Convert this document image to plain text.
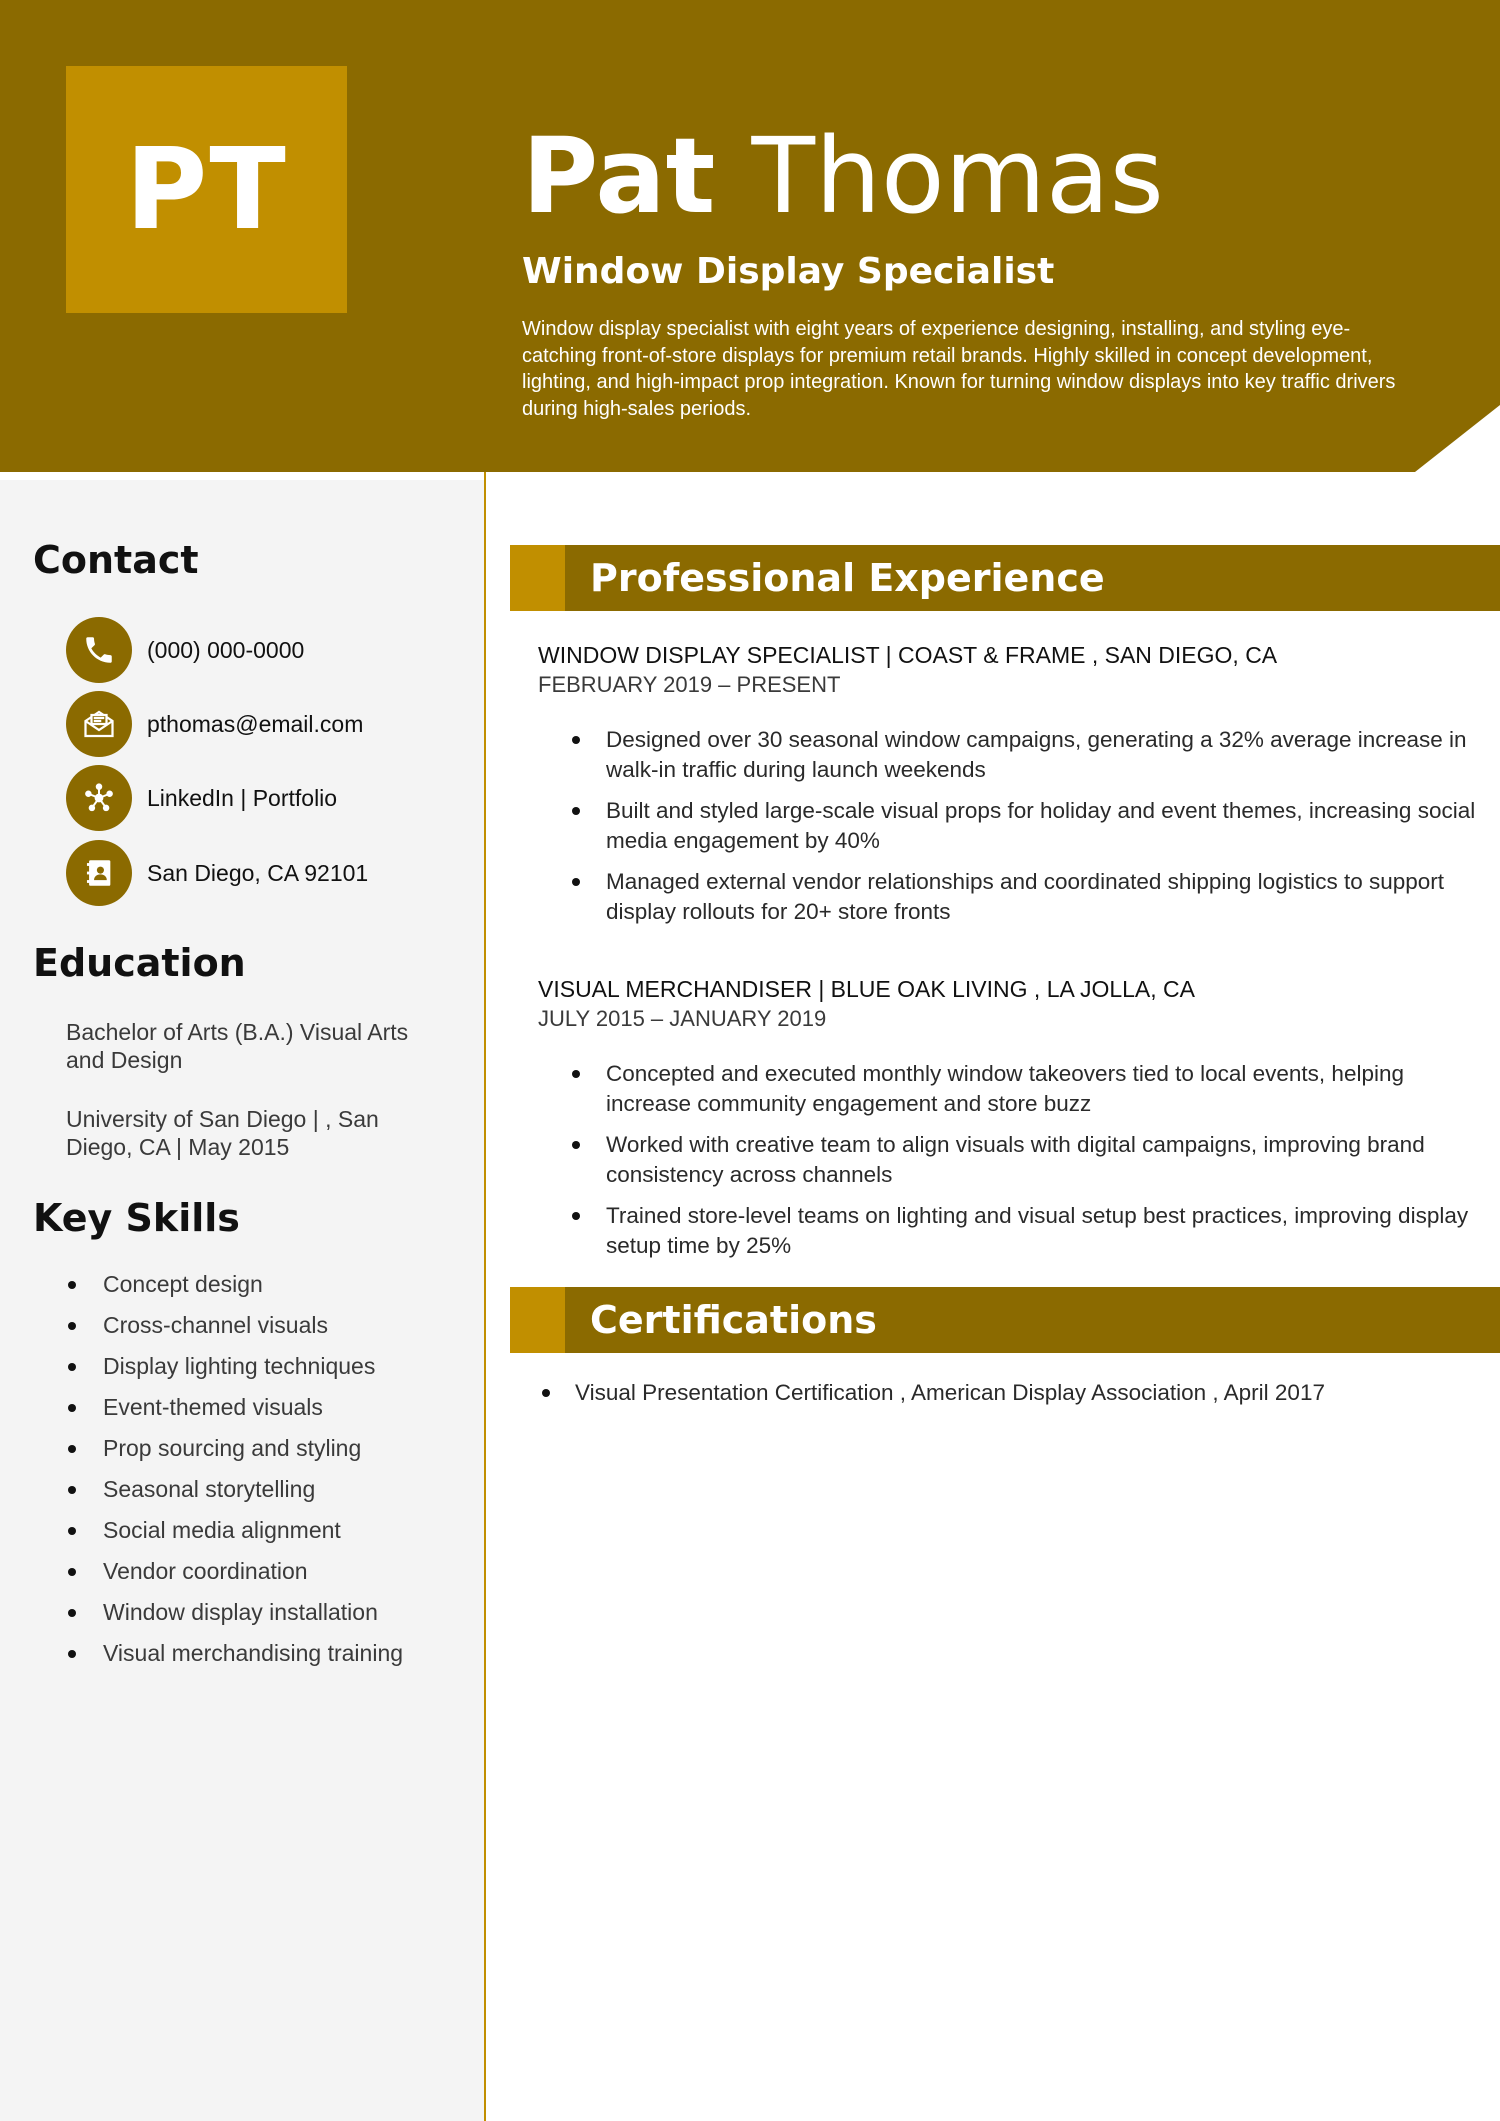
PT Pat Thomas
Window Display Specialist

Window display specialist with eight years of experience designing, installing, and styling eye-catching front-of-store displays for premium retail brands. Highly skilled in concept development, lighting, and high-impact prop integration. Known for turning window displays into key traffic drivers during high-sales periods.

Contact
(000) 000-0000
pthomas@email.com
LinkedIn | Portfolio
San Diego, CA 92101
Education

Bachelor of Arts (B.A.) Visual Arts and Design

University of San Diego | , San Diego, CA | May 2015

Key Skills
Concept design
Cross-channel visuals
Display lighting techniques
Event-themed visuals
Prop sourcing and styling
Seasonal storytelling
Social media alignment
Vendor coordination
Window display installation
Visual merchandising training
Professional Experience

WINDOW DISPLAY SPECIALIST | COAST & FRAME , SAN DIEGO, CA

FEBRUARY 2019 – PRESENT

Designed over 30 seasonal window campaigns, generating a 32% average increase in walk-in traffic during launch weekends
Built and styled large-scale visual props for holiday and event themes, increasing social media engagement by 40%
Managed external vendor relationships and coordinated shipping logistics to support display rollouts for 20+ store fronts

VISUAL MERCHANDISER | BLUE OAK LIVING , LA JOLLA, CA

JULY 2015 – JANUARY 2019

Concepted and executed monthly window takeovers tied to local events, helping increase community engagement and store buzz
Worked with creative team to align visuals with digital campaigns, improving brand consistency across channels
Trained store-level teams on lighting and visual setup best practices, improving display setup time by 25%
Certifications
Visual Presentation Certification , American Display Association , April 2017
